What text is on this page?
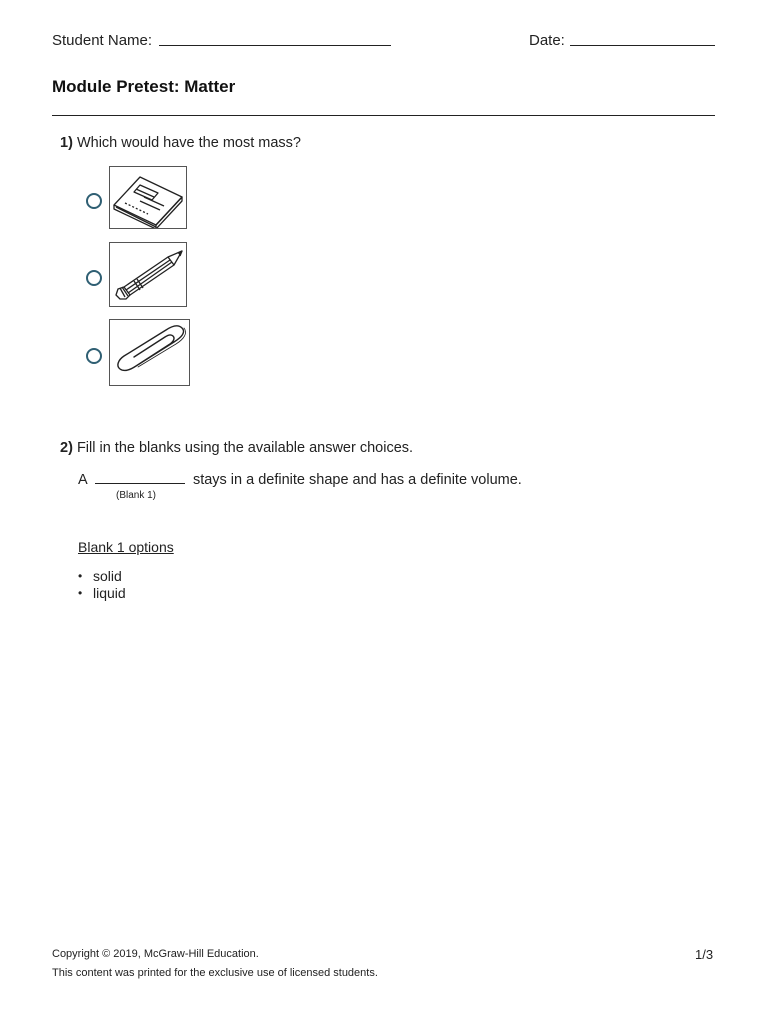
Student Name:	Date:
Module Pretest: Matter
1) Which would have the most mass?
2) Fill in the blanks using the available answer choices.
A	stays in a definite shape and has a definite volume.
(Blank 1)
Blank 1 options
• solid
• liquid
Copyright © 2019, McGraw-Hill Education.
This content was printed for the exclusive use of licensed students.
1/3
